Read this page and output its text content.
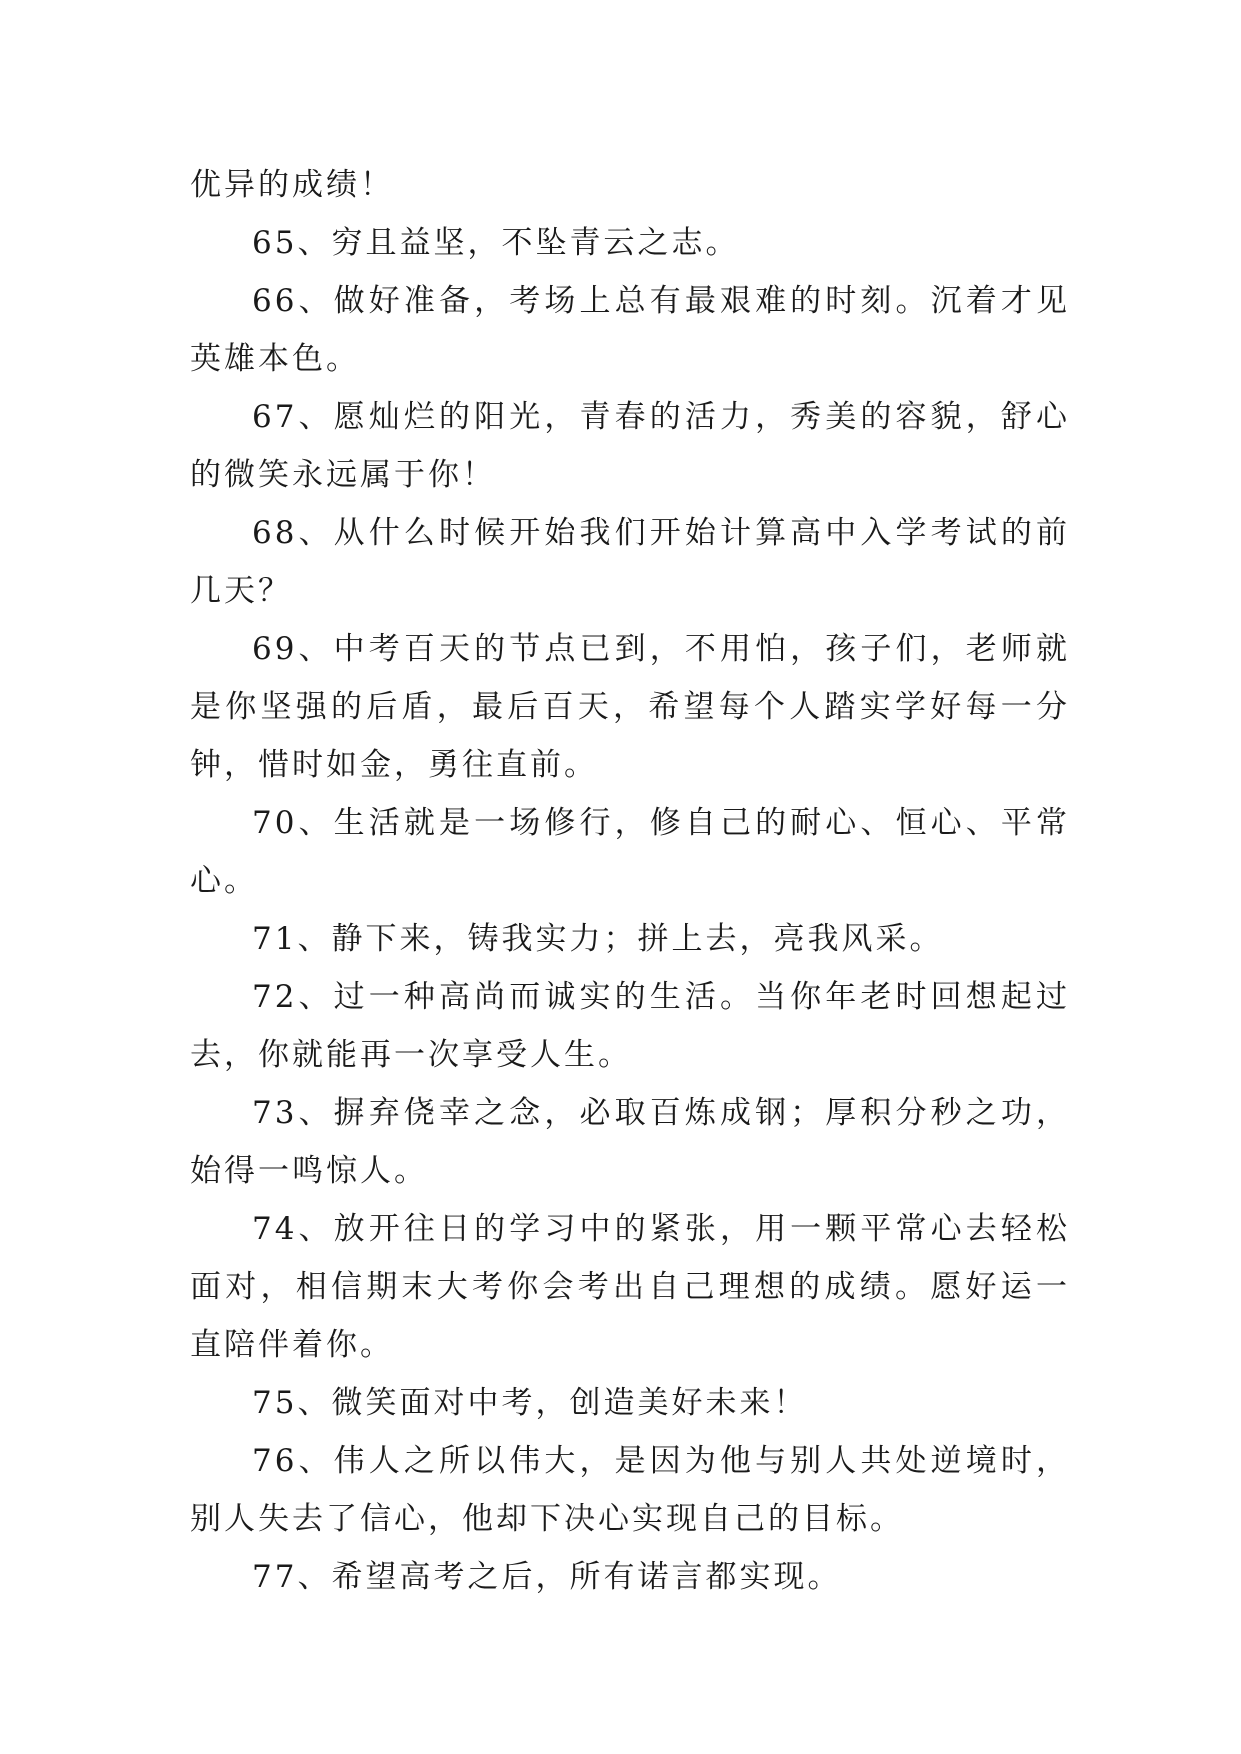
优异的成绩！

65、穷且益坚，不坠青云之志。

66、做好准备，考场上总有最艰难的时刻。沉着才见英雄本色。

67、愿灿烂的阳光，青春的活力，秀美的容貌，舒心的微笑永远属于你！

68、从什么时候开始我们开始计算高中入学考试的前几天？

69、中考百天的节点已到，不用怕，孩子们，老师就是你坚强的后盾，最后百天，希望每个人踏实学好每一分钟，惜时如金，勇往直前。

70、生活就是一场修行，修自己的耐心、恒心、平常心。

71、静下来，铸我实力；拼上去，亮我风采。

72、过一种高尚而诚实的生活。当你年老时回想起过去，你就能再一次享受人生。

73、摒弃侥幸之念，必取百炼成钢；厚积分秒之功，始得一鸣惊人。

74、放开往日的学习中的紧张，用一颗平常心去轻松面对，相信期末大考你会考出自己理想的成绩。愿好运一直陪伴着你。

75、微笑面对中考，创造美好未来！

76、伟人之所以伟大，是因为他与别人共处逆境时，别人失去了信心，他却下决心实现自己的目标。

77、希望高考之后，所有诺言都实现。
